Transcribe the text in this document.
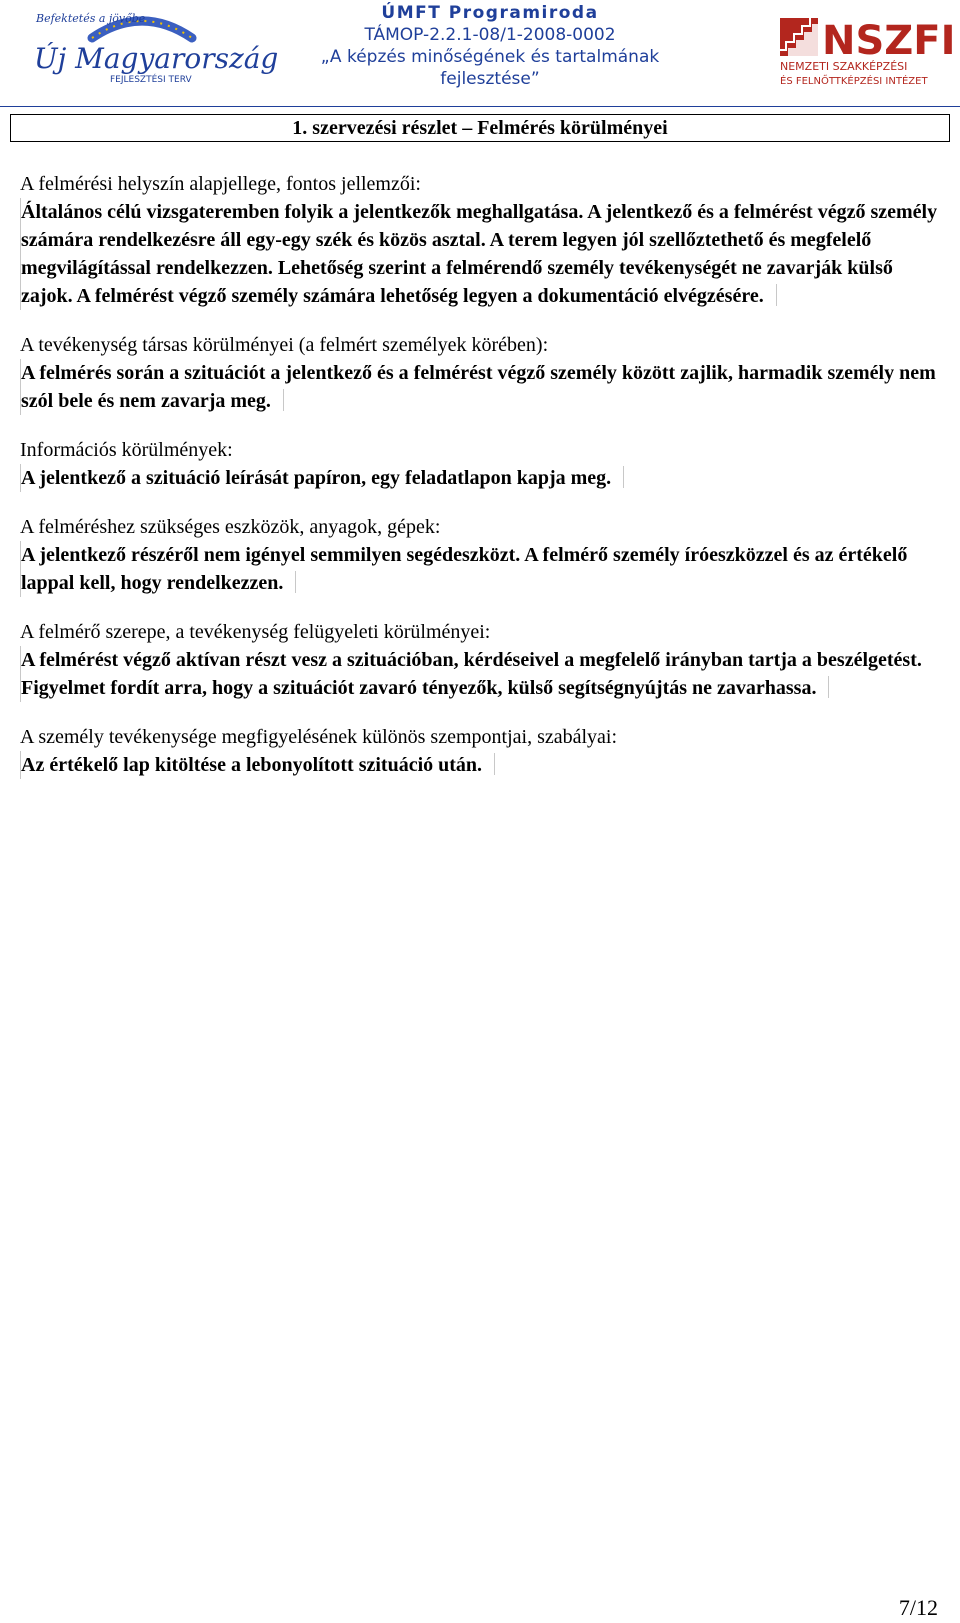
Befektetés a jövőbe
Új Magyarország
FEJLESZTÉSI TERV
ÚMFT Programiroda
TÁMOP-2.2.1-08/1-2008-0002
„A képzés minőségének és tartalmának
fejlesztése”
NSZFI
NEMZETI SZAKKÉPZÉSI
ÉS FELNŐTTKÉPZÉSI INTÉZET
1. szervezési részlet – Felmérés körülményei
A felmérési helyszín alapjellege, fontos jellemzői:
Általános célú vizsgateremben folyik a jelentkezők meghallgatása. A jelentkező és a felmérést végző személy számára rendelkezésre áll egy-egy szék és közös asztal. A terem legyen jól szellőztethető és megfelelő megvilágítással rendelkezzen. Lehetőség szerint a felmérendő személy tevékenységét ne zavarják külső zajok. A felmérést végző személy számára lehetőség legyen a dokumentáció elvégzésére.
A tevékenység társas körülményei (a felmért személyek körében):
A felmérés során a szituációt a jelentkező és a felmérést végző személy között zajlik, harmadik személy nem szól bele és nem zavarja meg.
Információs körülmények:
A jelentkező a szituáció leírását papíron, egy feladatlapon kapja meg.
A felméréshez szükséges eszközök, anyagok, gépek:
A jelentkező részéről nem igényel semmilyen segédeszközt. A felmérő személy íróeszközzel és az értékelő lappal kell, hogy rendelkezzen.
A felmérő szerepe, a tevékenység felügyeleti körülményei:
A felmérést végző aktívan részt vesz a szituációban, kérdéseivel a megfelelő irányban tartja a beszélgetést. Figyelmet fordít arra, hogy a szituációt zavaró tényezők, külső segítségnyújtás ne zavarhassa.
A személy tevékenysége megfigyelésének különös szempontjai, szabályai:
Az értékelő lap kitöltése a lebonyolított szituáció után.
7/12
